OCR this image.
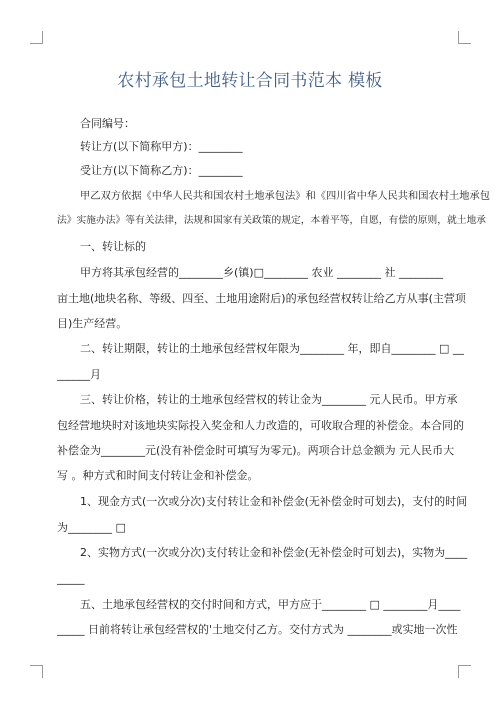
农村承包土地转让合同书范本 模板
合同编号：
转让方(以下简称甲方)：________
受让方(以下简称乙方)：________
甲乙双方依据《中华人民共和国农村土地承包法》和《四川省中华人民共和国农村土地承包
法》实施办法》等有关法律，法规和国家有关政策的规定，本着平等，自愿，有偿的原则，就土地承
一、转让标的
甲方将其承包经营的________乡(镇)□________ 农业 ________ 社 ________
亩土地(地块名称、等级、四至、土地用途附后)的承包经营权转让给乙方从事(主营项
目)生产经营。
二、转让期限，转让的土地承包经营权年限为________ 年，即自________ □ __
______月
三、转让价格，转让的土地承包经营权的转让金为________ 元人民币。甲方承
包经营地块时对该地块实际投入奖金和人力改造的，可收取合理的补偿金。本合同的
补偿金为________元(没有补偿金时可填写为零元)。两项合计总金额为 元人民币大
写 。种方式和时间支付转让金和补偿金。
1、现金方式(一次或分次)支付转让金和补偿金(无补偿金时可划去)，支付的时间
为________ □
2、实物方式(一次或分次)支付转让金和补偿金(无补偿金时可划去)，实物为____
_____
五、土地承包经营权的交付时间和方式，甲方应于________ □ ________月____
_____ 日前将转让承包经营权的'土地交付乙方。交付方式为 ________或实地一次性
